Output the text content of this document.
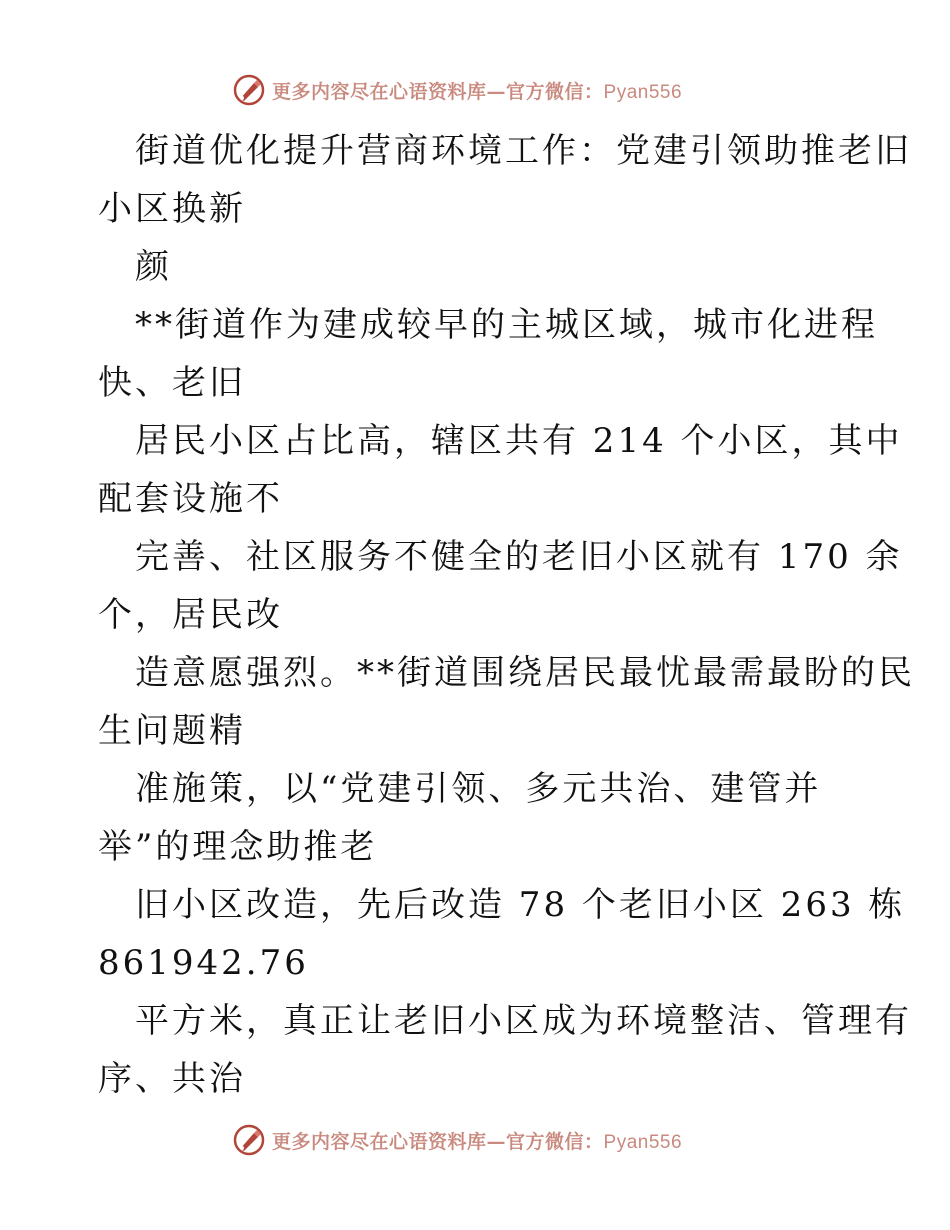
更多内容尽在心语资料库—官方微信：Pyan556
街道优化提升营商环境工作：党建引领助推老旧
小区换新
颜
**街道作为建成较早的主城区域，城市化进程
快、老旧
居民小区占比高，辖区共有 214 个小区，其中
配套设施不
完善、社区服务不健全的老旧小区就有 170 余
个，居民改
造意愿强烈。**街道围绕居民最忧最需最盼的民
生问题精
准施策，以“党建引领、多元共治、建管并
举”的理念助推老
旧小区改造，先后改造 78 个老旧小区 263 栋
861942.76
平方米，真正让老旧小区成为环境整洁、管理有
序、共治
更多内容尽在心语资料库—官方微信：Pyan556
